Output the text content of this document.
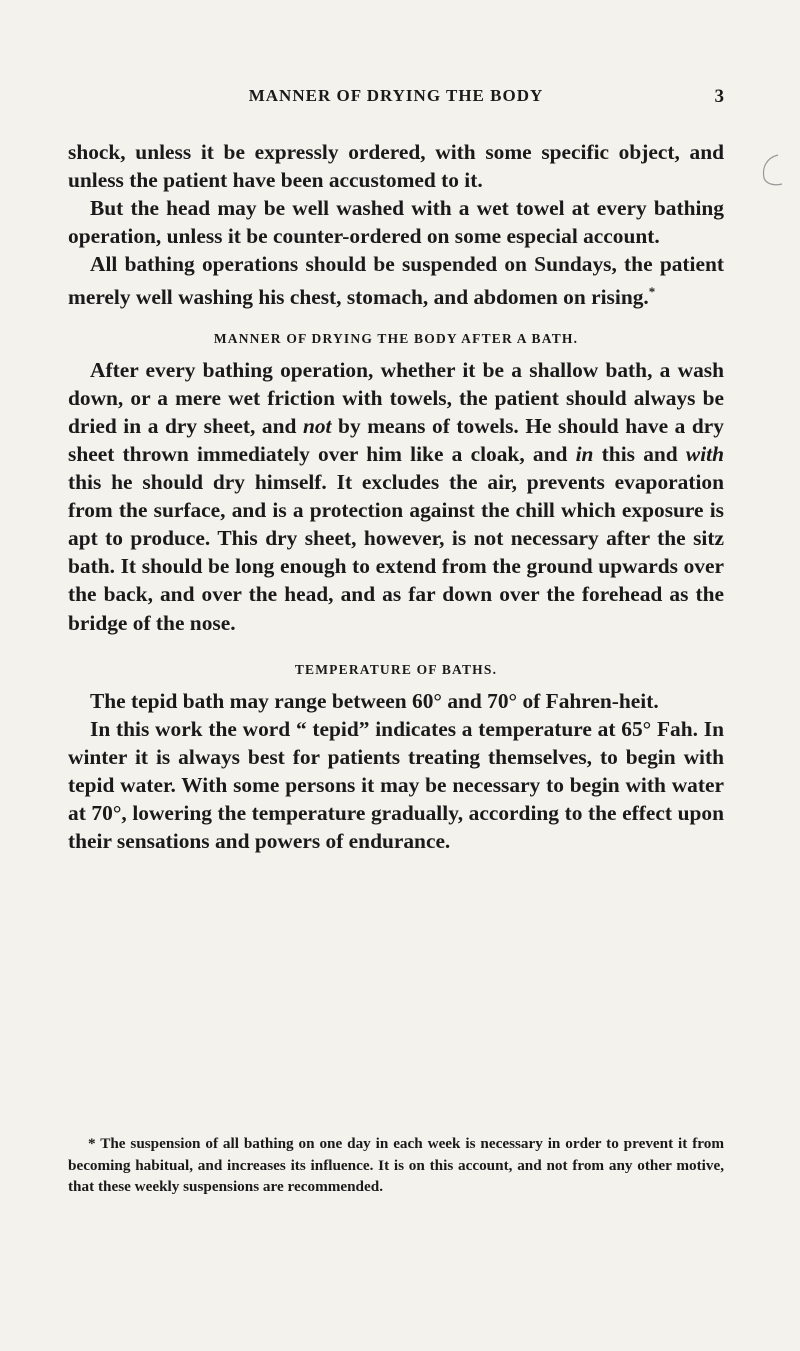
MANNER OF DRYING THE BODY	3

shock, unless it be expressly ordered, with some specific object, and unless the patient have been accustomed to it.

But the head may be well washed with a wet towel at every bathing operation, unless it be counter-ordered on some especial account.

All bathing operations should be suspended on Sundays, the patient merely well washing his chest, stomach, and abdomen on rising.*

MANNER OF DRYING THE BODY AFTER A BATH.

After every bathing operation, whether it be a shallow bath, a wash down, or a mere wet friction with towels, the patient should always be dried in a dry sheet, and not by means of towels. He should have a dry sheet thrown immediately over him like a cloak, and in this and with this he should dry himself. It excludes the air, prevents evaporation from the surface, and is a protection against the chill which exposure is apt to produce. This dry sheet, however, is not necessary after the sitz bath. It should be long enough to extend from the ground upwards over the back, and over the head, and as far down over the forehead as the bridge of the nose.

TEMPERATURE OF BATHS.

The tepid bath may range between 60° and 70° of Fahren-heit.

In this work the word “ tepid” indicates a temperature at 65° Fah. In winter it is always best for patients treating themselves, to begin with tepid water. With some persons it may be necessary to begin with water at 70°, lowering the temperature gradually, according to the effect upon their sensations and powers of endurance.

* The suspension of all bathing on one day in each week is necessary in order to prevent it from becoming habitual, and increases its influence. It is on this account, and not from any other motive, that these weekly suspensions are recommended.
